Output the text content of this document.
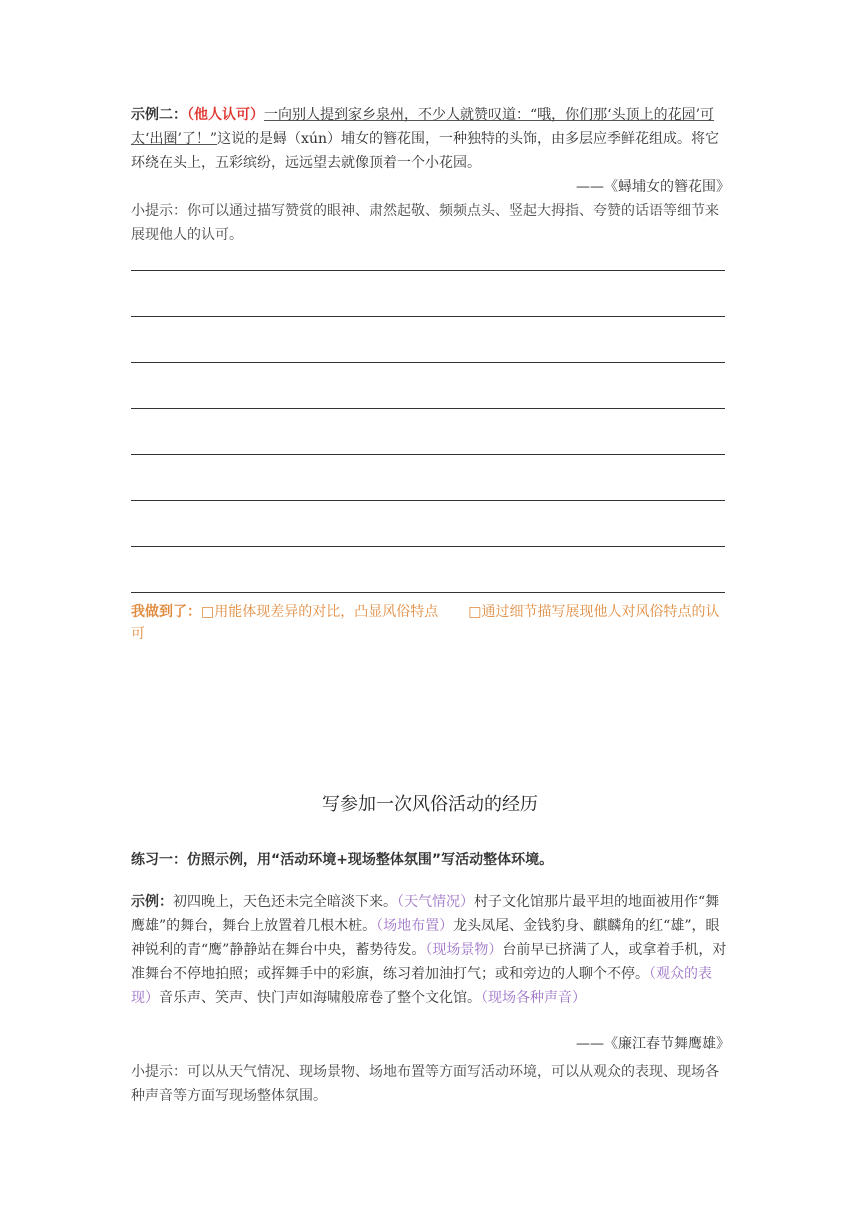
示例二：（他人认可）一向别人提到家乡泉州，不少人就赞叹道：“哦，你们那‘头顶上的花园’可太‘出圈’了！”这说的是蟳（xún）埔女的簪花围，一种独特的头饰，由多层应季鲜花组成。将它环绕在头上，五彩缤纷，远远望去就像顶着一个小花园。
——《蟳埔女的簪花围》
小提示：你可以通过描写赞赏的眼神、肃然起敬、频频点头、竖起大拇指、夸赞的话语等细节来展现他人的认可。
我做到了：□用能体现差异的对比，凸显风俗特点 □通过细节描写展现他人对风俗特点的认可
写参加一次风俗活动的经历
练习一：仿照示例，用“活动环境+现场整体氛围”写活动整体环境。
示例：初四晚上，天色还未完全暗淡下来。（天气情况）村子文化馆那片最平坦的地面被用作“舞鹰雄”的舞台，舞台上放置着几根木桩。（场地布置）龙头凤尾、金钱豹身、麒麟角的红“雄”，眼神锐利的青“鹰”静静站在舞台中央，蓄势待发。（现场景物）台前早已挤满了人，或拿着手机，对准舞台不停地拍照；或挥舞手中的彩旗，练习着加油打气；或和旁边的人聊个不停。（观众的表现）音乐声、笑声、快门声如海啸般席卷了整个文化馆。（现场各种声音）
——《廉江春节舞鹰雄》
小提示：可以从天气情况、现场景物、场地布置等方面写活动环境，可以从观众的表现、现场各种声音等方面写现场整体氛围。
